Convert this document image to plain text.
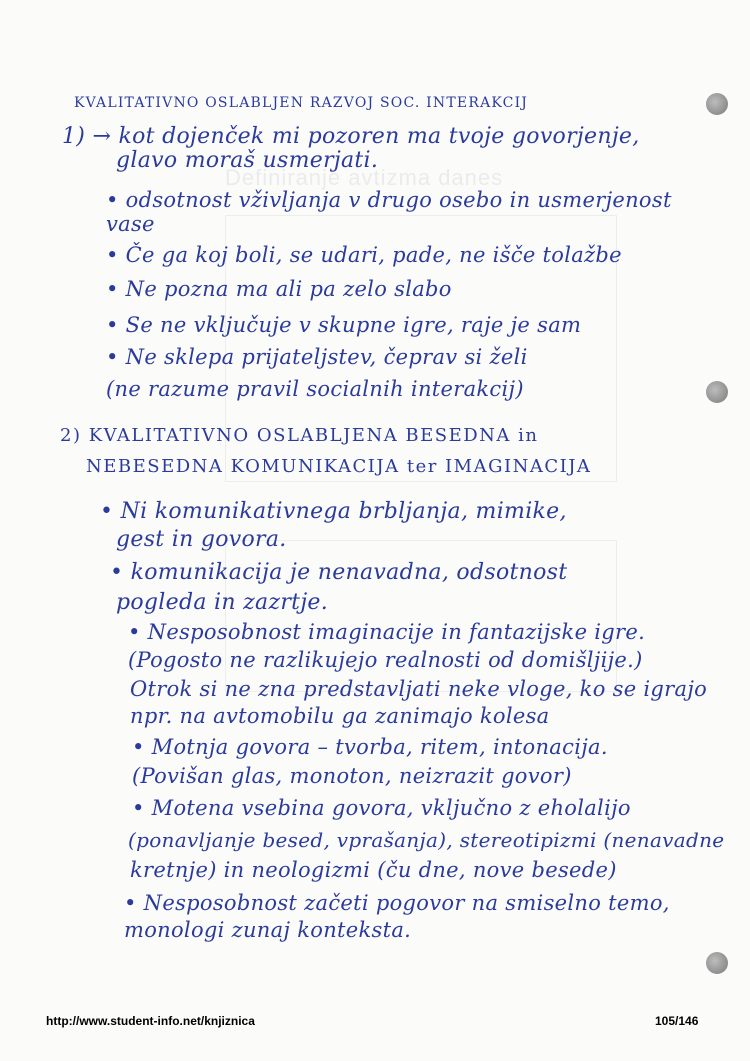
Definiranje avtizma danes
KVALITATIVNO OSLABLJEN RAZVOJ SOC. INTERAKCIJ
1) → kot dojenček mi pozoren ma tvoje govorjenje,
glavo moraš usmerjati.
• odsotnost vživljanja v drugo osebo in usmerjenost
vase
• Če ga koj boli, se udari, pade, ne išče tolažbe
• Ne pozna ma ali pa zelo slabo
• Se ne vključuje v skupne igre, raje je sam
• Ne sklepa prijateljstev, čeprav si želi
(ne razume pravil socialnih interakcij)
2) KVALITATIVNO OSLABLJENA BESEDNA in
NEBESEDNA KOMUNIKACIJA ter IMAGINACIJA
• Ni komunikativnega brbljanja, mimike,
gest in govora.
• komunikacija je nenavadna, odsotnost
pogleda in zazrtje.
• Nesposobnost imaginacije in fantazijske igre.
(Pogosto ne razlikujejo realnosti od domišljije.)
Otrok si ne zna predstavljati neke vloge, ko se igrajo
npr. na avtomobilu ga zanimajo kolesa
• Motnja govora – tvorba, ritem, intonacija.
(Povišan glas, monoton, neizrazit govor)
• Motena vsebina govora, vključno z eholalijo
(ponavljanje besed, vprašanja), stereotipizmi (nenavadne
kretnje) in neologizmi (ču dne, nove besede)
• Nesposobnost začeti pogovor na smiselno temo,
monologi zunaj konteksta.
http://www.student-info.net/knjiznica	105/146
